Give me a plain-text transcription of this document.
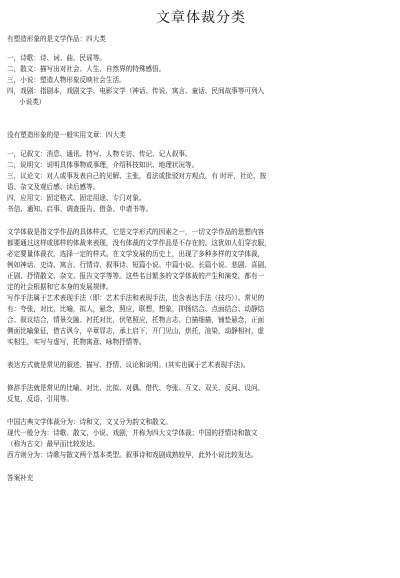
文章体裁分类

有塑造形象的是文学作品：四大类

一，诗歌：诗、词、曲、民谣等。

二，散文：描写出对社会、人生、自然界的特殊感悟。

三，小说：塑造人物形象反映社会生活。

四，戏剧：指剧本，戏剧文学、电影文学（神话、传说、寓言、童话、民间故事等可列入

小说类）

没有塑造形象的是一般实用文章：四大类

一，记叙文：消息、通讯、特写、人物专访、传记、记人叙事。

二，说明文：说明具体事物或事理，介绍科技知识、地理状况等。

三，议论文：对人或事发表自己的见解、主张，看法或批驳对方观点，有 时评，社论，按

语、杂文及观后感、读后感等。

四，应用文：固定格式、固定用途、专门对象。

书信、通知、启事、调查报告、借条、申请书等。

文学体裁是指文学作品的具体样式，它是文学形式的因素之一，一切文学作品的思想内容

都要通过这样或那样的体裁来表现，没有体裁的文学作品是不存在的。这犹如人们穿衣服，

必定要量体裁衣，选择一定的样式。在文学发展的历史上，出现了多种多样的文学体裁，

例如神话、史诗、寓言、行情诗、叙事诗、短篇小说、中篇小说、长篇小说、悲剧、喜剧、

正剧、抒情散文、杂文、报告文学等等。这些名目繁多的文学体裁的产生和演变，都有一

定的社会根据和它本身的发展规律。

写作手法属于艺术表现手法（即：艺术手法和表现手法，也含表达手法（技巧））。常见的

有：夸张，对比，比喻，拟人，悬念，照应，联想，想象，抑扬结合、点面结合、动静结

合、叙议结合，情景交融、衬托对比，伏笔照应，托物言志、白描细描，铺垫悬念，正面

侧面比喻象征，借古讽今，卒章显志，承上启下，开门见山，烘托，渲染，动静相衬，虚

实相生，实写与虚写，托物寓意、咏物抒情等。

表达方式就是常见的叙述、描写、抒情、议论和说明。(其实也属于艺术表现手法)。

修辞手法就是常见的比喻、对比、比拟、对偶、借代、夸张、互文、双关、反问、设问、

反复、反语、引用等。

中国古典文学体裁分为：诗和文，文又分为韵文和散文。

现代一般分为：诗歌、散文、小说、戏剧，并称为四大文学体裁；中国的抒情诗和散文

（称为古文）最早而比较发达。

西方则分为：诗歌与散文两个基本类型。叙事诗和戏剧成熟较早，此外小说比较发达。

答案补充
